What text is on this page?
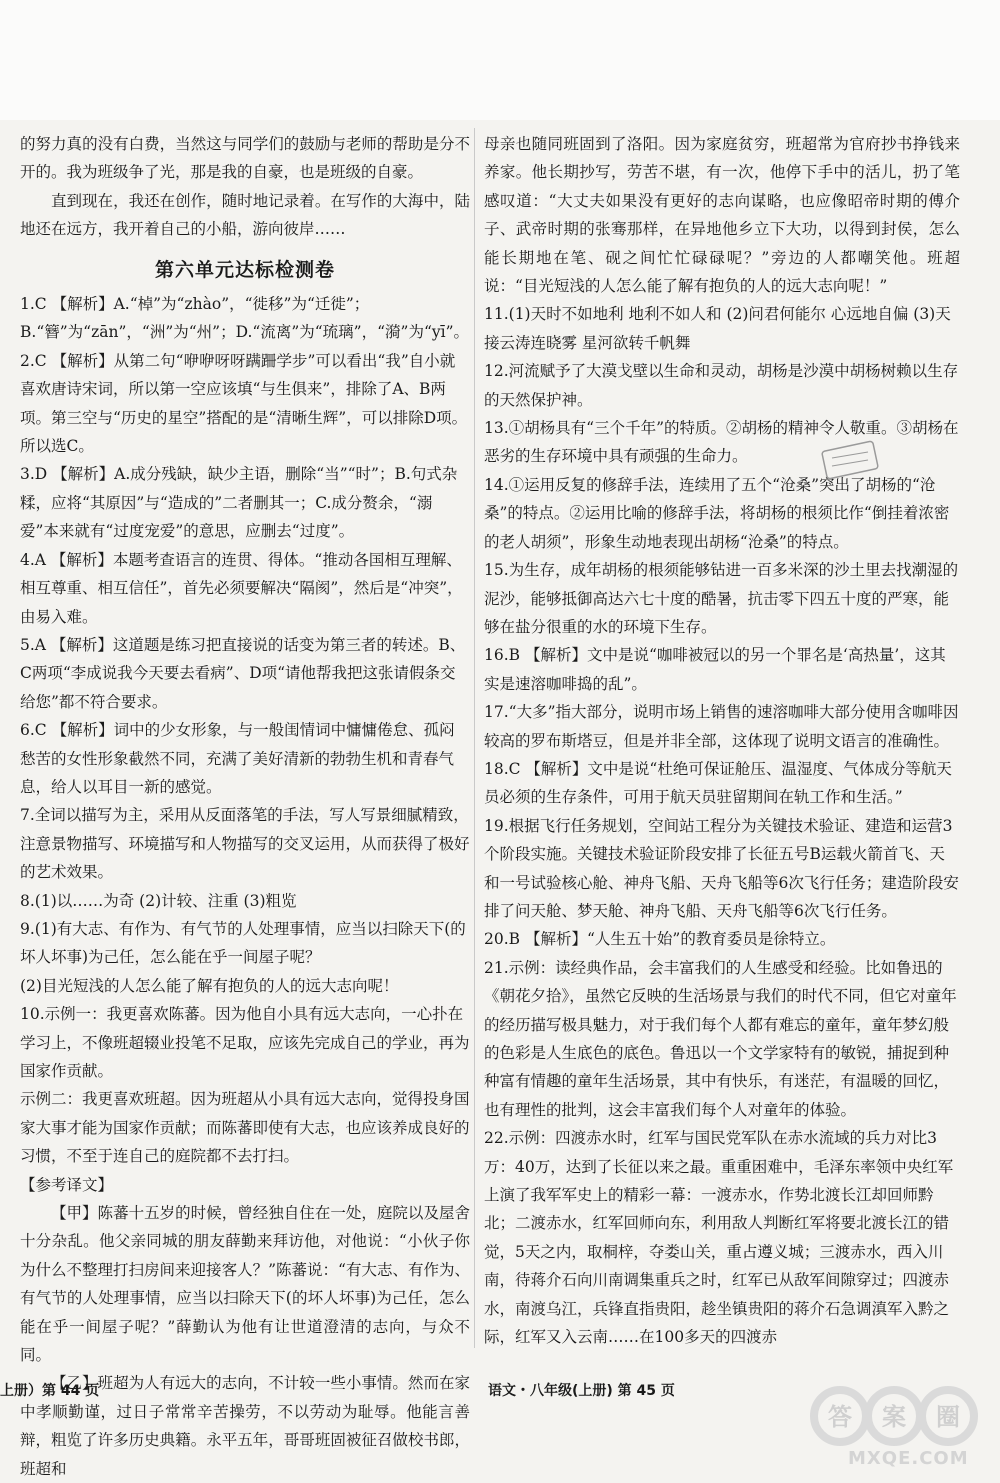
的努力真的没有白费，当然这与同学们的鼓励与老师的帮助是分不开的。我为班级争了光，那是我的自豪，也是班级的自豪。

直到现在，我还在创作，随时地记录着。在写作的大海中，陆地还在远方，我开着自己的小船，游向彼岸……

第六单元达标检测卷

1.C 【解析】A.“棹”为“zhào”，“徙移”为“迁徙”；B.“簪”为“zān”，“洲”为“州”；D.“流离”为“琉璃”，“漪”为“yī”。

2.C 【解析】从第二句“咿咿呀呀蹒跚学步”可以看出“我”自小就喜欢唐诗宋词，所以第一空应该填“与生俱来”，排除了A、B两项。第三空与“历史的星空”搭配的是“清晰生辉”，可以排除D项。所以选C。

3.D 【解析】A.成分残缺，缺少主语，删除“当”“时”；B.句式杂糅，应将“其原因”与“造成的”二者删其一；C.成分赘余，“溺爱”本来就有“过度宠爱”的意思，应删去“过度”。

4.A 【解析】本题考查语言的连贯、得体。“推动各国相互理解、相互尊重、相互信任”，首先必须要解决“隔阂”，然后是“冲突”，由易入难。

5.A 【解析】这道题是练习把直接说的话变为第三者的转述。B、C两项“李成说我今天要去看病”、D项“请他帮我把这张请假条交给您”都不符合要求。

6.C 【解析】词中的少女形象，与一般闺情词中慵慵倦怠、孤闷愁苦的女性形象截然不同，充满了美好清新的勃勃生机和青春气息，给人以耳目一新的感觉。

7.全词以描写为主，采用从反面落笔的手法，写人写景细腻精致，注意景物描写、环境描写和人物描写的交叉运用，从而获得了极好的艺术效果。

8.(1)以……为奇 (2)计较、注重 (3)粗览

9.(1)有大志、有作为、有气节的人处理事情，应当以扫除天下(的坏人坏事)为己任，怎么能在乎一间屋子呢？

(2)目光短浅的人怎么能了解有抱负的人的远大志向呢！

10.示例一：我更喜欢陈蕃。因为他自小具有远大志向，一心扑在学习上，不像班超辍业投笔不足取，应该先完成自己的学业，再为国家作贡献。

示例二：我更喜欢班超。因为班超从小具有远大志向，觉得投身国家大事才能为国家作贡献；而陈蕃即使有大志，也应该养成良好的习惯，不至于连自己的庭院都不去打扫。

【参考译文】

【甲】陈蕃十五岁的时候，曾经独自住在一处，庭院以及屋舍十分杂乱。他父亲同城的朋友薛勤来拜访他，对他说：“小伙子你为什么不整理打扫房间来迎接客人？”陈蕃说：“有大志、有作为、有气节的人处理事情，应当以扫除天下(的坏人坏事)为己任，怎么能在乎一间屋子呢？”薛勤认为他有让世道澄清的志向，与众不同。

【乙】班超为人有远大的志向，不计较一些小事情。然而在家中孝顺勤谨，过日子常常辛苦操劳，不以劳动为耻辱。他能言善辩，粗览了许多历史典籍。永平五年，哥哥班固被征召做校书郎，班超和

母亲也随同班固到了洛阳。因为家庭贫穷，班超常为官府抄书挣钱来养家。他长期抄写，劳苦不堪，有一次，他停下手中的活儿，扔了笔感叹道：“大丈夫如果没有更好的志向谋略，也应像昭帝时期的傅介子、武帝时期的张骞那样，在异地他乡立下大功，以得到封侯，怎么能长期地在笔、砚之间忙忙碌碌呢？”旁边的人都嘲笑他。班超说：“目光短浅的人怎么能了解有抱负的人的远大志向呢！”

11.(1)天时不如地利 地利不如人和 (2)问君何能尔 心远地自偏 (3)天接云涛连晓雾 星河欲转千帆舞

12.河流赋予了大漠戈壁以生命和灵动，胡杨是沙漠中胡杨树赖以生存的天然保护神。

13.①胡杨具有“三个千年”的特质。②胡杨的精神令人敬重。③胡杨在恶劣的生存环境中具有顽强的生命力。

14.①运用反复的修辞手法，连续用了五个“沧桑”突出了胡杨的“沧桑”的特点。②运用比喻的修辞手法，将胡杨的根须比作“倒挂着浓密的老人胡须”，形象生动地表现出胡杨“沧桑”的特点。

15.为生存，成年胡杨的根须能够钻进一百多米深的沙土里去找潮湿的泥沙，能够抵御高达六七十度的酷暑，抗击零下四五十度的严寒，能够在盐分很重的水的环境下生存。

16.B 【解析】文中是说“咖啡被冠以的另一个罪名是‘高热量’，这其实是速溶咖啡捣的乱”。

17.“大多”指大部分，说明市场上销售的速溶咖啡大部分使用含咖啡因较高的罗布斯塔豆，但是并非全部，这体现了说明文语言的准确性。

18.C 【解析】文中是说“杜绝可保证舱压、温湿度、气体成分等航天员必须的生存条件，可用于航天员驻留期间在轨工作和生活。”

19.根据飞行任务规划，空间站工程分为关键技术验证、建造和运营3个阶段实施。关键技术验证阶段安排了长征五号B运载火箭首飞、天和一号试验核心舱、神舟飞船、天舟飞船等6次飞行任务；建造阶段安排了问天舱、梦天舱、神舟飞船、天舟飞船等6次飞行任务。

20.B 【解析】“人生五十始”的教育委员是徐特立。

21.示例：读经典作品，会丰富我们的人生感受和经验。比如鲁迅的《朝花夕拾》，虽然它反映的生活场景与我们的时代不同，但它对童年的经历描写极具魅力，对于我们每个人都有难忘的童年，童年梦幻般的色彩是人生底色的底色。鲁迅以一个文学家特有的敏锐，捕捉到种种富有情趣的童年生活场景，其中有快乐，有迷茫，有温暖的回忆，也有理性的批判，这会丰富我们每个人对童年的体验。

22.示例：四渡赤水时，红军与国民党军队在赤水流域的兵力对比3万：40万，达到了长征以来之最。重重困难中，毛泽东率领中央红军上演了我军军史上的精彩一幕：一渡赤水，作势北渡长江却回师黔北；二渡赤水，红军回师向东，利用敌人判断红军将要北渡长江的错觉，5天之内，取桐梓，夺娄山关，重占遵义城；三渡赤水，西入川南，待蒋介石向川南调集重兵之时，红军已从敌军间隙穿过；四渡赤水，南渡乌江，兵锋直指贵阳，趁坐镇贵阳的蒋介石急调滇军入黔之际，红军又入云南……在100多天的四渡赤

上册）第 44 页	语文・八年级(上册) 第 45 页
答 案 圈
MXQE.COM
